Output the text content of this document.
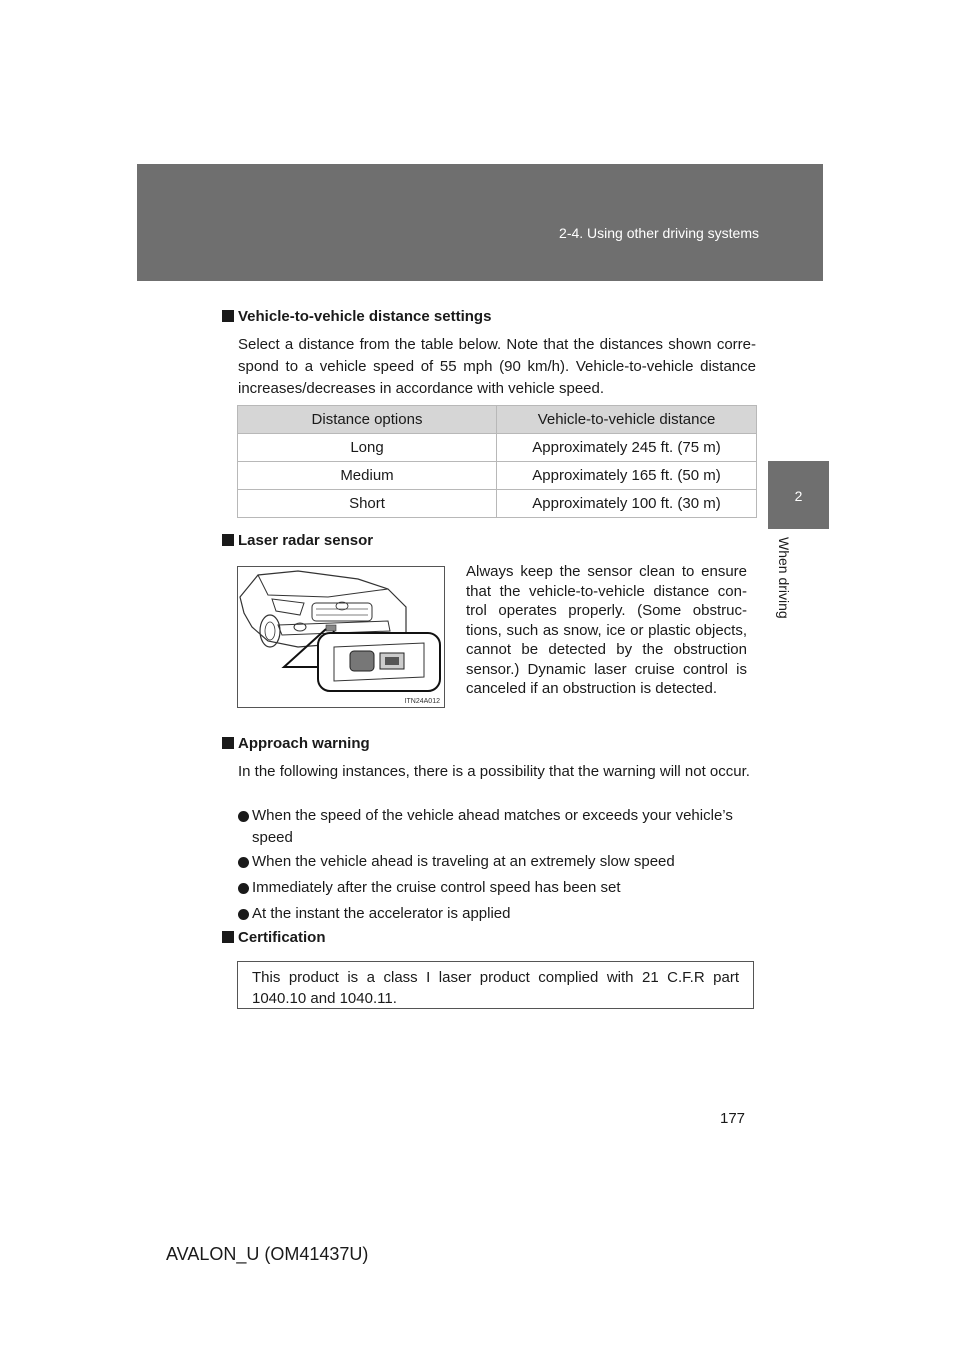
2-4. Using other driving systems
2
When driving
Vehicle-to-vehicle distance settings
Select a distance from the table below. Note that the distances shown corre-spond to a vehicle speed of 55 mph (90 km/h). Vehicle-to-vehicle distance increases/decreases in accordance with vehicle speed.
Distance options	Vehicle-to-vehicle distance
Long	Approximately 245 ft. (75 m)
Medium	Approximately 165 ft. (50 m)
Short	Approximately 100 ft. (30 m)
Laser radar sensor
ITN24A012
Always keep the sensor clean to ensure that the vehicle-to-vehicle distance con-trol operates properly. (Some obstruc-tions, such as snow, ice or plastic objects, cannot be detected by the obstruction sensor.) Dynamic laser cruise control is canceled if an obstruction is detected.
Approach warning
In the following instances, there is a possibility that the warning will not occur.
When the speed of the vehicle ahead matches or exceeds your vehicle’s speed
When the vehicle ahead is traveling at an extremely slow speed
Immediately after the cruise control speed has been set
At the instant the accelerator is applied
Certification
This product is a class I laser product complied with 21 C.F.R part 1040.10 and 1040.11.
177
AVALON_U (OM41437U)
